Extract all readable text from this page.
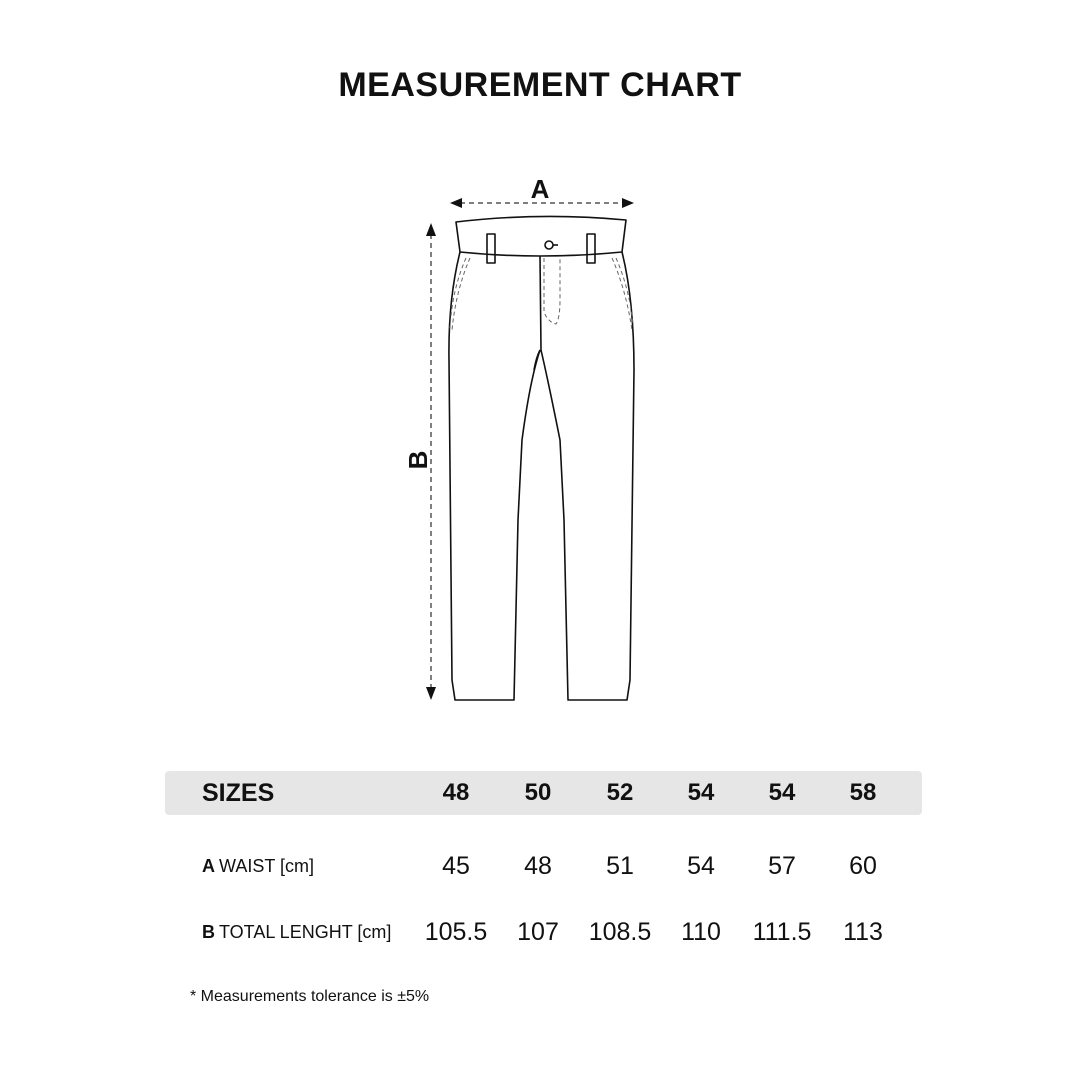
MEASUREMENT CHART
A
B
SIZES	48	50	52	54	54	58
A WAIST [cm]	45	48	51	54	57	60
B TOTAL LENGHT [cm]	105.5	107	108.5	110	111.5	113
* Measurements tolerance is ±5%
